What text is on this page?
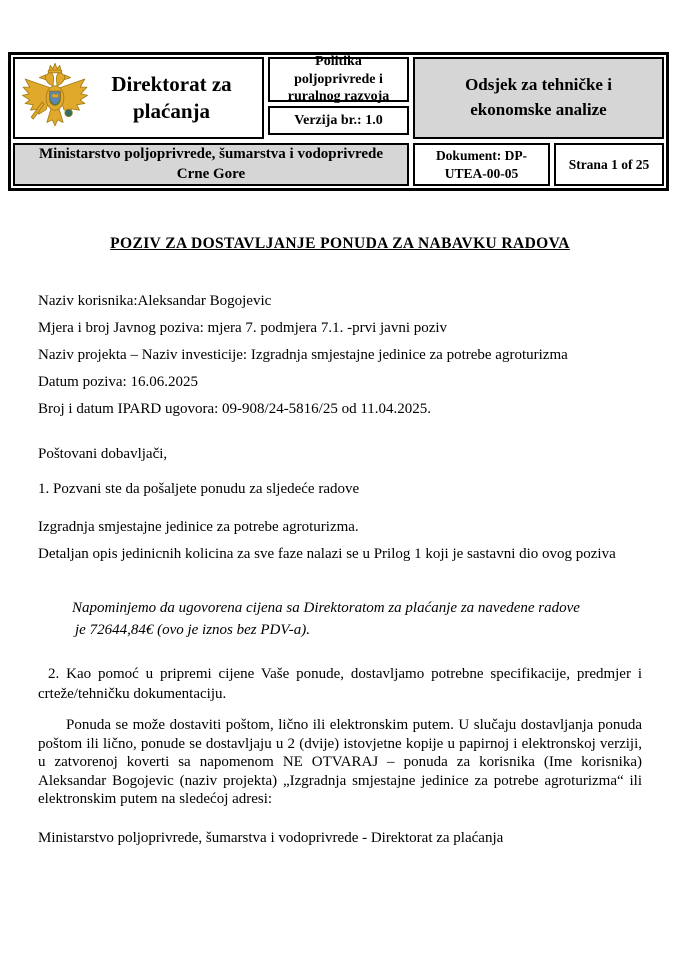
Direktorat za plaćanja
Politika poljoprivrede i ruralnog razvoja
Verzija br.: 1.0
Odsjek za tehničke i ekonomske analize
Ministarstvo poljoprivrede, šumarstva i vodoprivrede Crne Gore
Dokument: DP-UTEA-00-05
Strana 1 of 25
POZIV ZA DOSTAVLJANJE PONUDA ZA NABAVKU RADOVA

Naziv korisnika:Aleksandar Bogojevic

Mjera i broj Javnog poziva: mjera 7. podmjera 7.1. -prvi javni poziv

Naziv projekta – Naziv investicije: Izgradnja smjestajne jedinice za potrebe agroturizma

Datum poziva: 16.06.2025

Broj i datum IPARD ugovora: 09-908/24-5816/25 od 11.04.2025.

Poštovani dobavljači,

1. Pozvani ste da pošaljete ponudu za sljedeće radove

Izgradnja smjestajne jedinice za potrebe agroturizma.

Detaljan opis jedinicnih kolicina za sve faze nalazi se u Prilog 1 koji je sastavni dio ovog poziva

Napominjemo da ugovorena cijena sa Direktoratom za plaćanje za navedene radove
je 72644,84€ (ovo je iznos bez PDV-a).

2. Kao pomoć u pripremi cijene Vaše ponude, dostavljamo potrebne specifikacije, predmjer i crteže/tehničku dokumentaciju.

Ponuda se može dostaviti poštom, lično ili elektronskim putem. U slučaju dostavljanja ponuda poštom ili lično, ponude se dostavljaju u 2 (dvije) istovjetne kopije u papirnoj i elektronskoj verziji, u zatvorenoj koverti sa napomenom NE OTVARAJ – ponuda za korisnika (Ime korisnika) Aleksandar Bogojevic (naziv projekta) „Izgradnja smjestajne jedinice za potrebe agroturizma“ ili elektronskim putem na sledećoj adresi:

Ministarstvo poljoprivrede, šumarstva i vodoprivrede - Direktorat za plaćanja
